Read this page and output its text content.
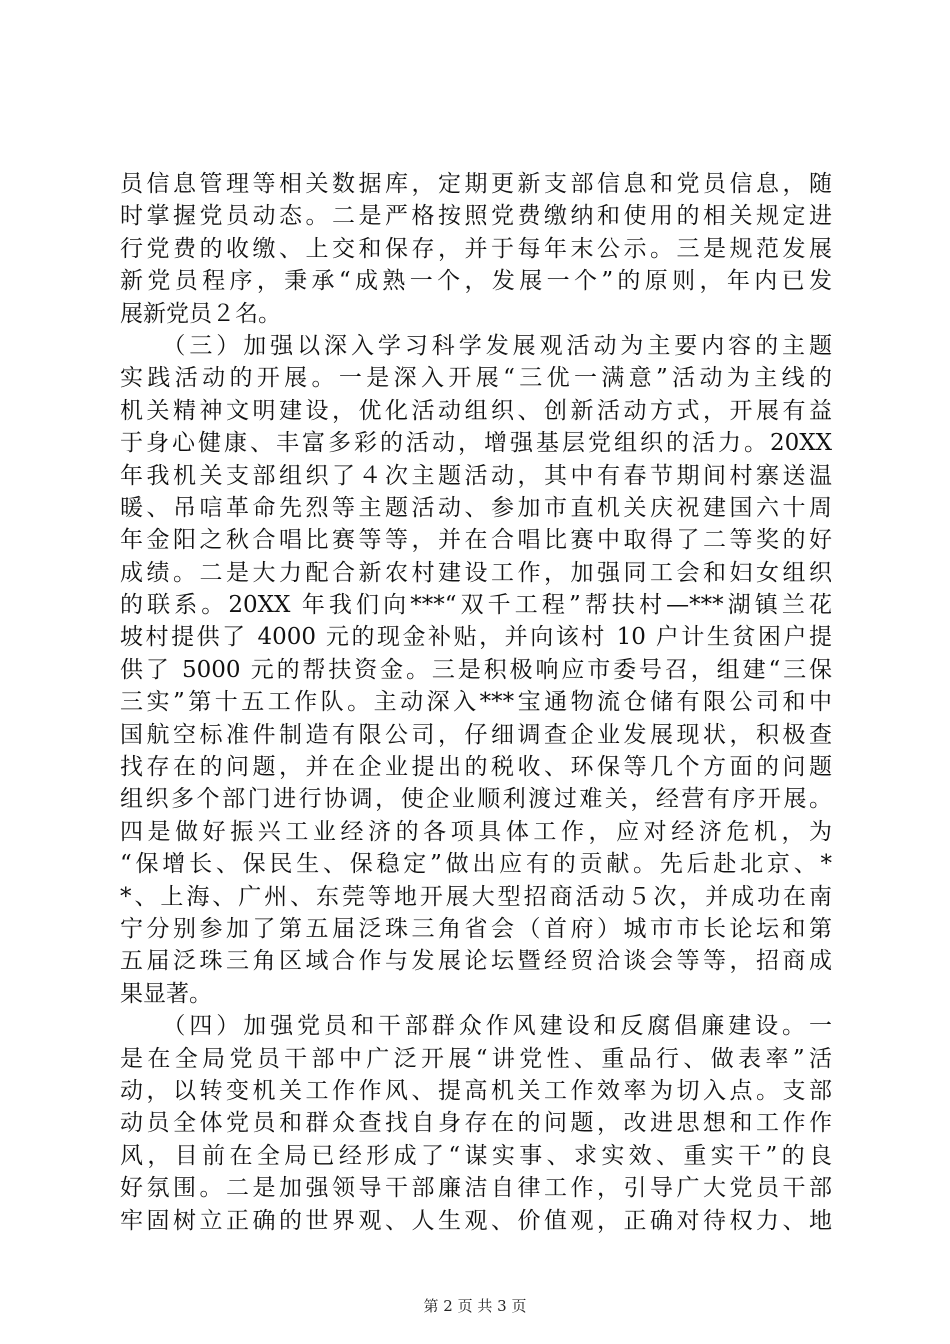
员信息管理等相关数据库，定期更新支部信息和党员信息，随
时掌握党员动态。二是严格按照党费缴纳和使用的相关规定进
行党费的收缴、上交和保存，并于每年末公示。三是规范发展
新党员程序，秉承“成熟一个，发展一个”的原则，年内已发
展新党员２名。
　　（三）加强以深入学习科学发展观活动为主要内容的主题
实践活动的开展。一是深入开展“三优一满意”活动为主线的
机关精神文明建设，优化活动组织、创新活动方式，开展有益
于身心健康、丰富多彩的活动，增强基层党组织的活力。20XX
年我机关支部组织了４次主题活动，其中有春节期间村寨送温
暖、吊唁革命先烈等主题活动、参加市直机关庆祝建国六十周
年金阳之秋合唱比赛等等，并在合唱比赛中取得了二等奖的好
成绩。二是大力配合新农村建设工作，加强同工会和妇女组织
的联系。20XX 年我们向***“双千工程”帮扶村—***湖镇兰花
坡村提供了 4000 元的现金补贴，并向该村 10 户计生贫困户提
供了 5000 元的帮扶资金。三是积极响应市委号召，组建“三保
三实”第十五工作队。主动深入***宝通物流仓储有限公司和中
国航空标准件制造有限公司，仔细调查企业发展现状，积极查
找存在的问题，并在企业提出的税收、环保等几个方面的问题
组织多个部门进行协调，使企业顺利渡过难关，经营有序开展。
四是做好振兴工业经济的各项具体工作，应对经济危机，为
“保增长、保民生、保稳定”做出应有的贡献。先后赴北京、*
*、上海、广州、东莞等地开展大型招商活动５次，并成功在南
宁分别参加了第五届泛珠三角省会（首府）城市市长论坛和第
五届泛珠三角区域合作与发展论坛暨经贸洽谈会等等，招商成
果显著。
　　（四）加强党员和干部群众作风建设和反腐倡廉建设。一
是在全局党员干部中广泛开展“讲党性、重品行、做表率”活
动，以转变机关工作作风、提高机关工作效率为切入点。支部
动员全体党员和群众查找自身存在的问题，改进思想和工作作
风，目前在全局已经形成了“谋实事、求实效、重实干”的良
好氛围。二是加强领导干部廉洁自律工作，引导广大党员干部
牢固树立正确的世界观、人生观、价值观，正确对待权力、地
第 2 页 共 3 页
